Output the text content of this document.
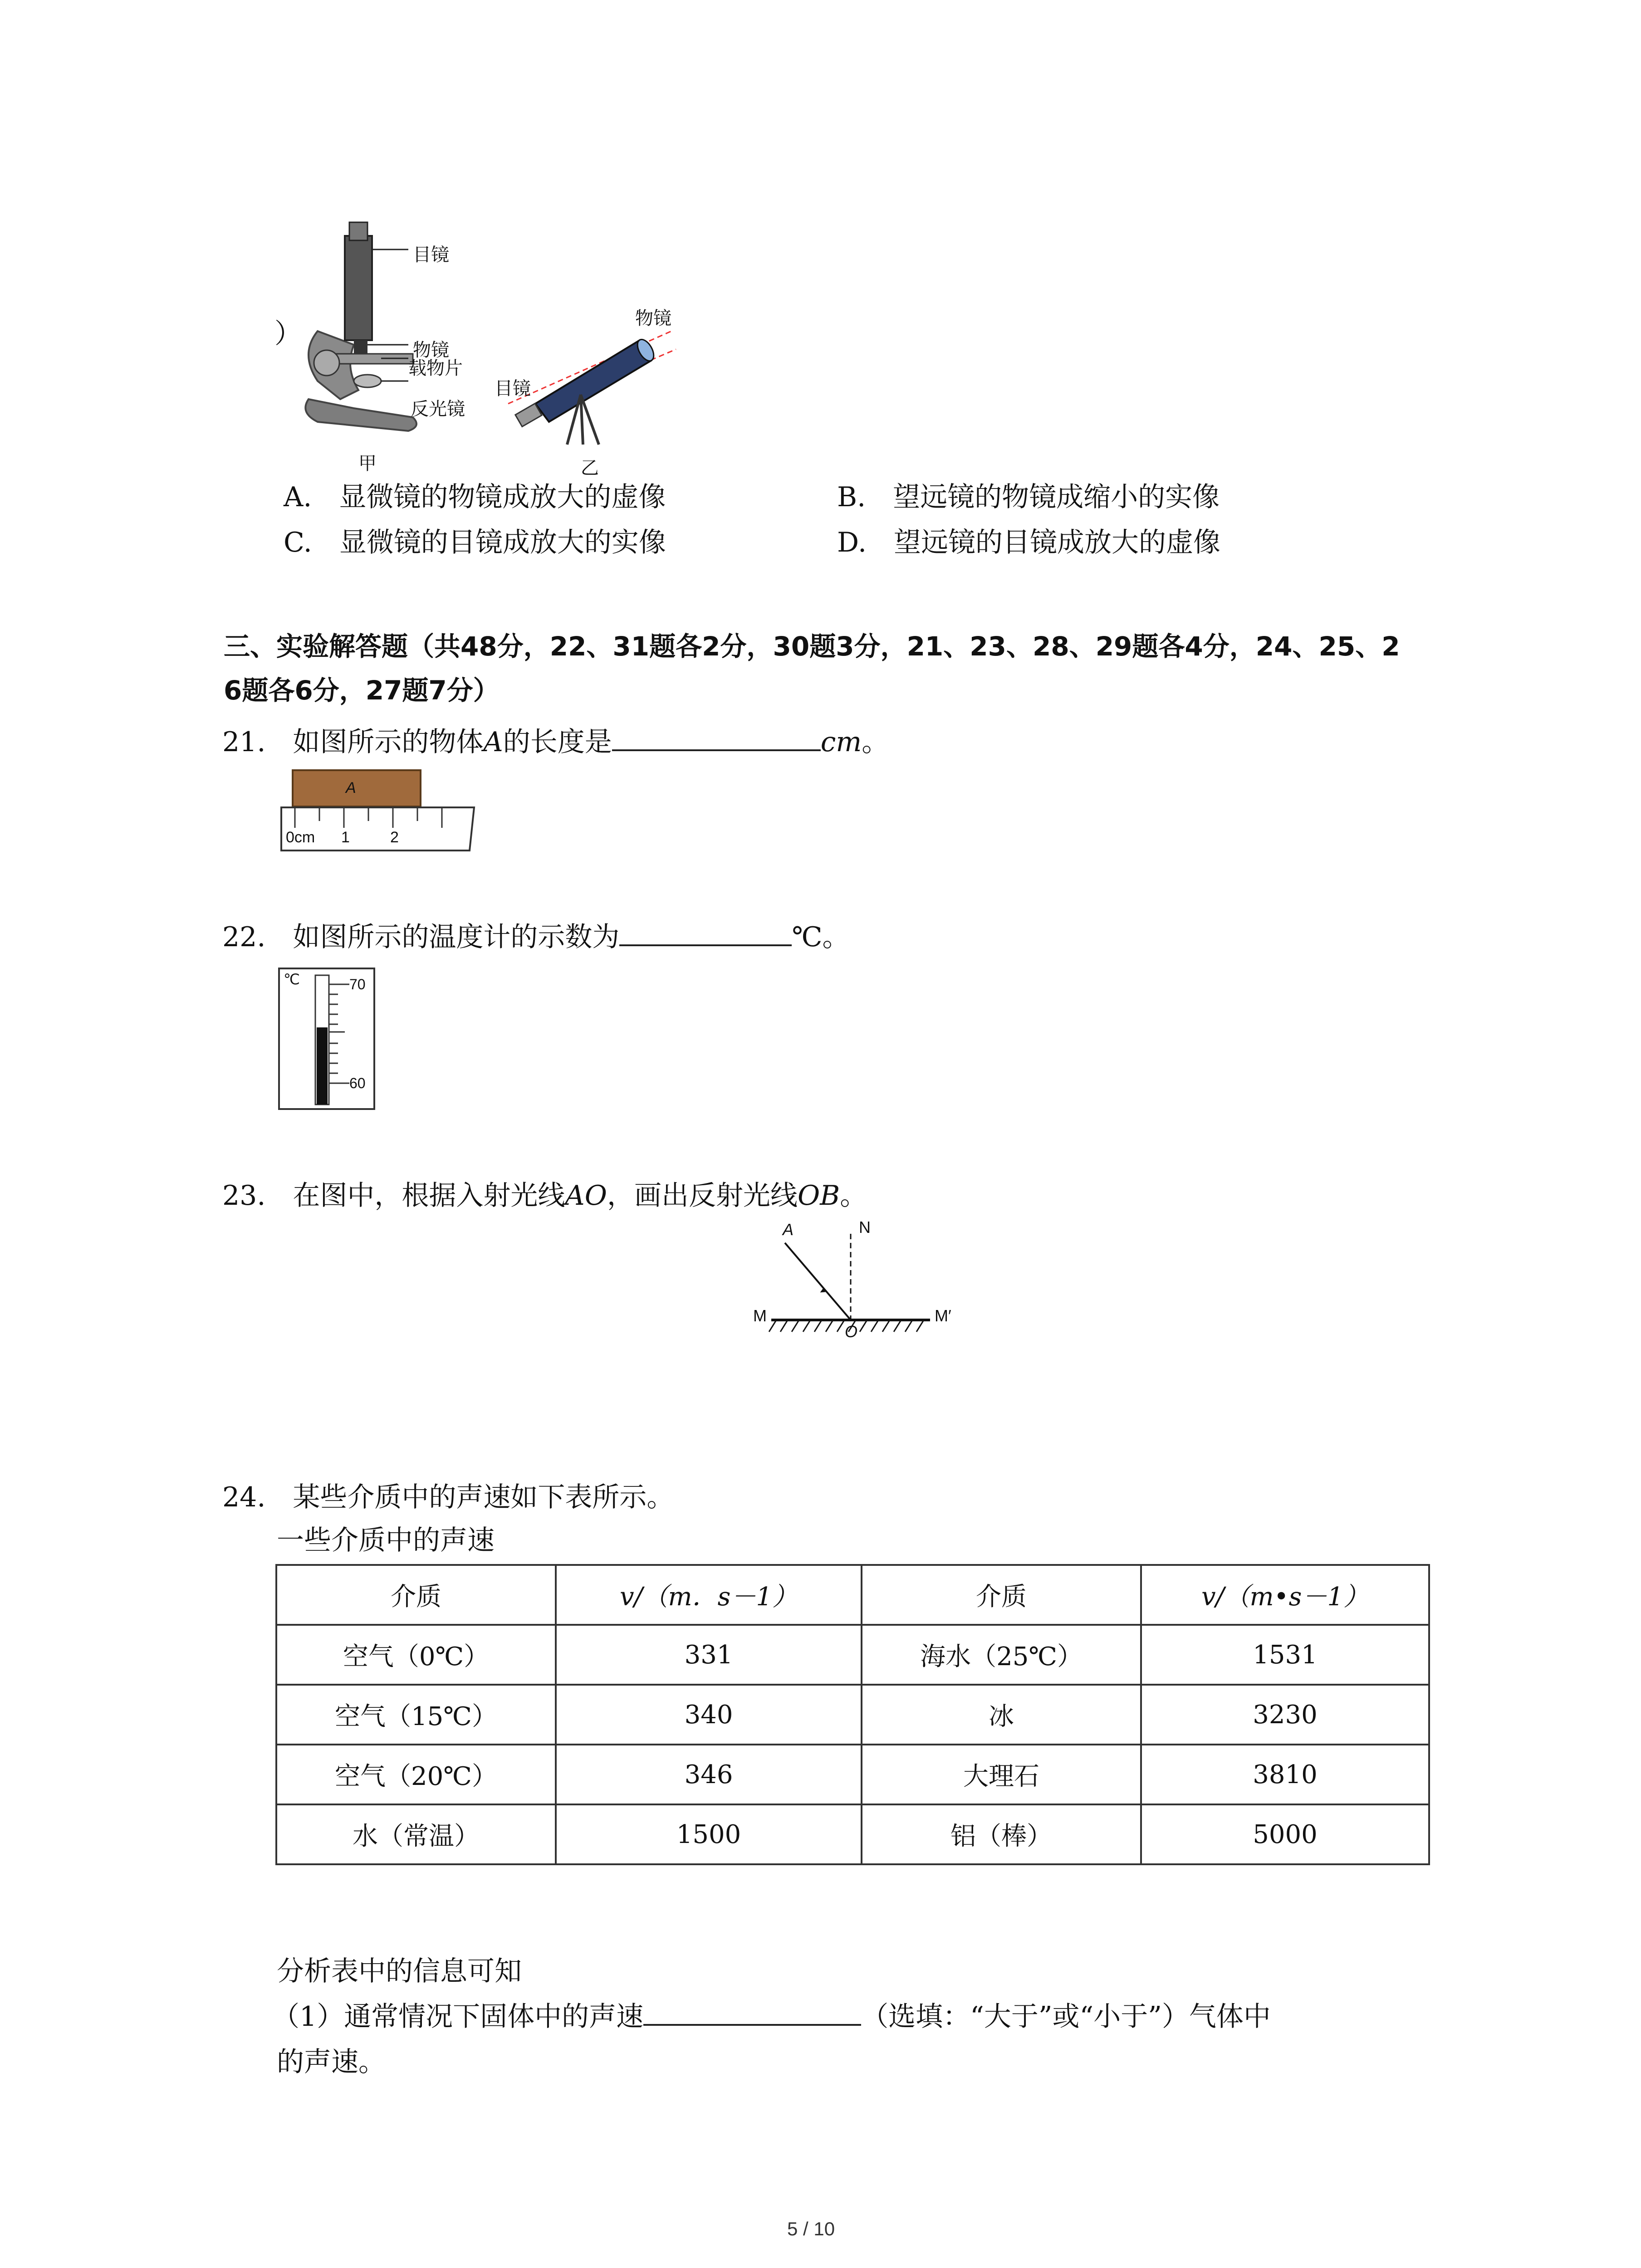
目镜
物镜
载物片
反光镜
）
甲
物镜
目镜
乙
A.　显微镜的物镜成放大的虚像	B.　望远镜的物镜成缩小的实像
C.　显微镜的目镜成放大的实像	D.　望远镜的目镜成放大的虚像
三、实验解答题（共48分，22、31题各2分，30题3分，21、23、28、29题各4分，24、25、2
6题各6分，27题7分）
21.　如图所示的物体A的长度是	cm。
A
0cm 1	2
22.　如图所示的温度计的示数为	℃。
℃	70
60
23.　在图中，根据入射光线AO，画出反射光线OB。
A	N
M	M′
O
24.　某些介质中的声速如下表所示。
一些介质中的声速
介质	v/（m．s－1）	介质	v/（m•s－1）
空气（0℃）	331	海水（25℃）	1531
空气（15℃）	340	冰	3230
空气（20℃）	346	大理石	3810
水（常温）	1500	铝（棒）	5000
分析表中的信息可知
（1）通常情况下固体中的声速	（选填：“大于”或“小于”）气体中
的声速。
5 / 10
